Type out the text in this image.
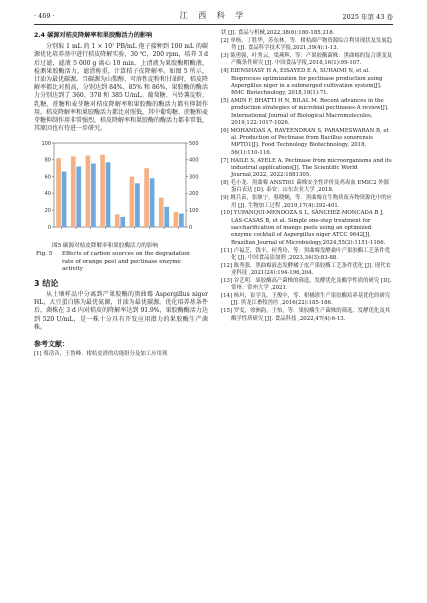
· 469 ·	江 西 科 学	2025 年第 43 卷
2.4 碳源对桔皮降解率和果胶酶活力的影响

分别取 1 mL 的 1 × 10⁷ PB/mL 孢子接种到 100 mL 的碳源优化培养基中进行桔皮降解实验，30 ℃，200 rpm，培养 3 d 后过滤，滤液 5 000 g 离心 10 min，上清液为果胶酶粗酶液，检测果胶酶活力，滤渣称重，计算桔子皮降解率。如图 5 所示，甘油为最优碳源。当碳源为山梨醇、可溶性淀粉和甘油时，桔皮降解率都比对照高，分别达到 84%、85% 和 86%，果胶酶的酶活力分别达到了 360、378 和 385 U/mL。葡萄糖、马铃薯淀粉、乳糖、蔗糖和麦芽糖对桔皮降解率和果胶酶的酶活力都有抑制作用。桔皮降解率和果胶酶活力都比对照低，其中葡萄糖、蔗糖和麦芽糖抑制作用非常强烈，桔皮降解率和果胶酶的酶活力都非常低，其原因也有待进一步研究。

100
80
60
40
20
0
500
400
300
200
100
0
图5 碳源对桔皮降解率和果胶酶活力的影响
Fig. 5 Effects of carbon sources on the degradation rate of orange peel and pectinase enzyme activity
3 结论

从土壤样品中分离到产果胶酶的黑曲霉 Aspergillus niger HL，大豆蛋白胨为最优氮源，甘油为最优碳源。优化培养基条件后，菌株在 3 d 内对桔皮的降解率达到 91.9%，果胶酶酶活力达到 520 U/mL，是一株十分具有开发应用潜力的果胶酶生产菌株。

参考文献：
[1] 蔡清音，王鲁峰．柑桔皮渣的功能组分及加工应用现
状 [J]. 食品与机械,2022,38(6):180-185,218.
[2] 单杨，丁胜华，苏东林，等．柑桔副产物资源综合利用现状及发展趋势 [J]. 食品科学技术学报,2021,39(4):1-13.
[3] 陈勇强，叶秀云，梁燕辉，等．产果胶酶菌株：黑曲霉的复合诱变及产酶条件研究 [J]. 中国食品学报,2018,16(1):99-107.
[4] EIENSHASY H A, EISAYED E A, SUHAIMI N, et al. Bioprocess optimization for pectinase production using Aspergillus niger in a submerged cultivation system[J]. BMC Biotechnology, 2018,18(1):71.
[5] AMIN F, BHATTI H N, BILAL M. Recent advances in the production strategies of microbial pectinases-A review[J]. International Journal of Biological Macromolecules, 2019,122:1017-1026.
[6] MOHANDAS A, RAVEENDRAN S, PARAMESWARAN B, et al. Production of Pectinase from Bacillus sonorensis MPTD1[J]. Food Technology Biotechnology, 2018, 56(1):110-116.
[7] HAILE S, AYELE A. Pectinase from microorganisms and its industrial applications[J]. The Scientific World Journal,2022, 2022:1881305.
[8] 毛小龙．黑曲霉 ANSTI01 菌株安全性评价及鸡毒血 EMIC2 外源蛋白表达 [D]. 泰安：山东农业大学 ,2018.
[9] 姚兵苗，张继宁，蔡晓娴，等．黑曲霉在生物质废弃物资源化中的应用 [J]. 生物加工过程 ,2019,17(4):392-401.
[10] YUPANQUI-MENDOZA S L, SÁNCHEZ-MONCADA B J, LAS-CASAS B, et al. Simple one-step treatment for saccharification of mango peels using an optimized enzyme cocktail of Aspergillus niger ATCC 9642[J]. Brazilian Journal of Microbiology,2024,55(2):1151-1166.
[11] 卢福芝，钱丰，何秀玲，等．黑曲霉发酵桑叶产果胶酶工艺条件优化 [J]. 中国食品添加剂 ,2023,34(3):83-88.
[12] 陈秀强．黑曲霉液态发酵橘子皮产果胶酶工艺条件优化 [J]. 现代农业科技 ,2021(24):194-196,204.
[13] 谷艺明．果胶酶高产菌株的筛选、发酵优化及酶学性质的研究 [D]. 常州：常州大学 ,2021.
[14] 杨玛，崔学良，王俊中，等．柑橘渣生产果胶酶培养基优化的研究 [J]. 黑龙江畜牧兽医 ,2016(22):185-186.
[15] 罗雯，徐洲韵，王怡，等．果胶酶生产菌株的筛选、发酵优化及其酶学性质研究 [J]. 食品科技 ,2022,47(4):6-13.
